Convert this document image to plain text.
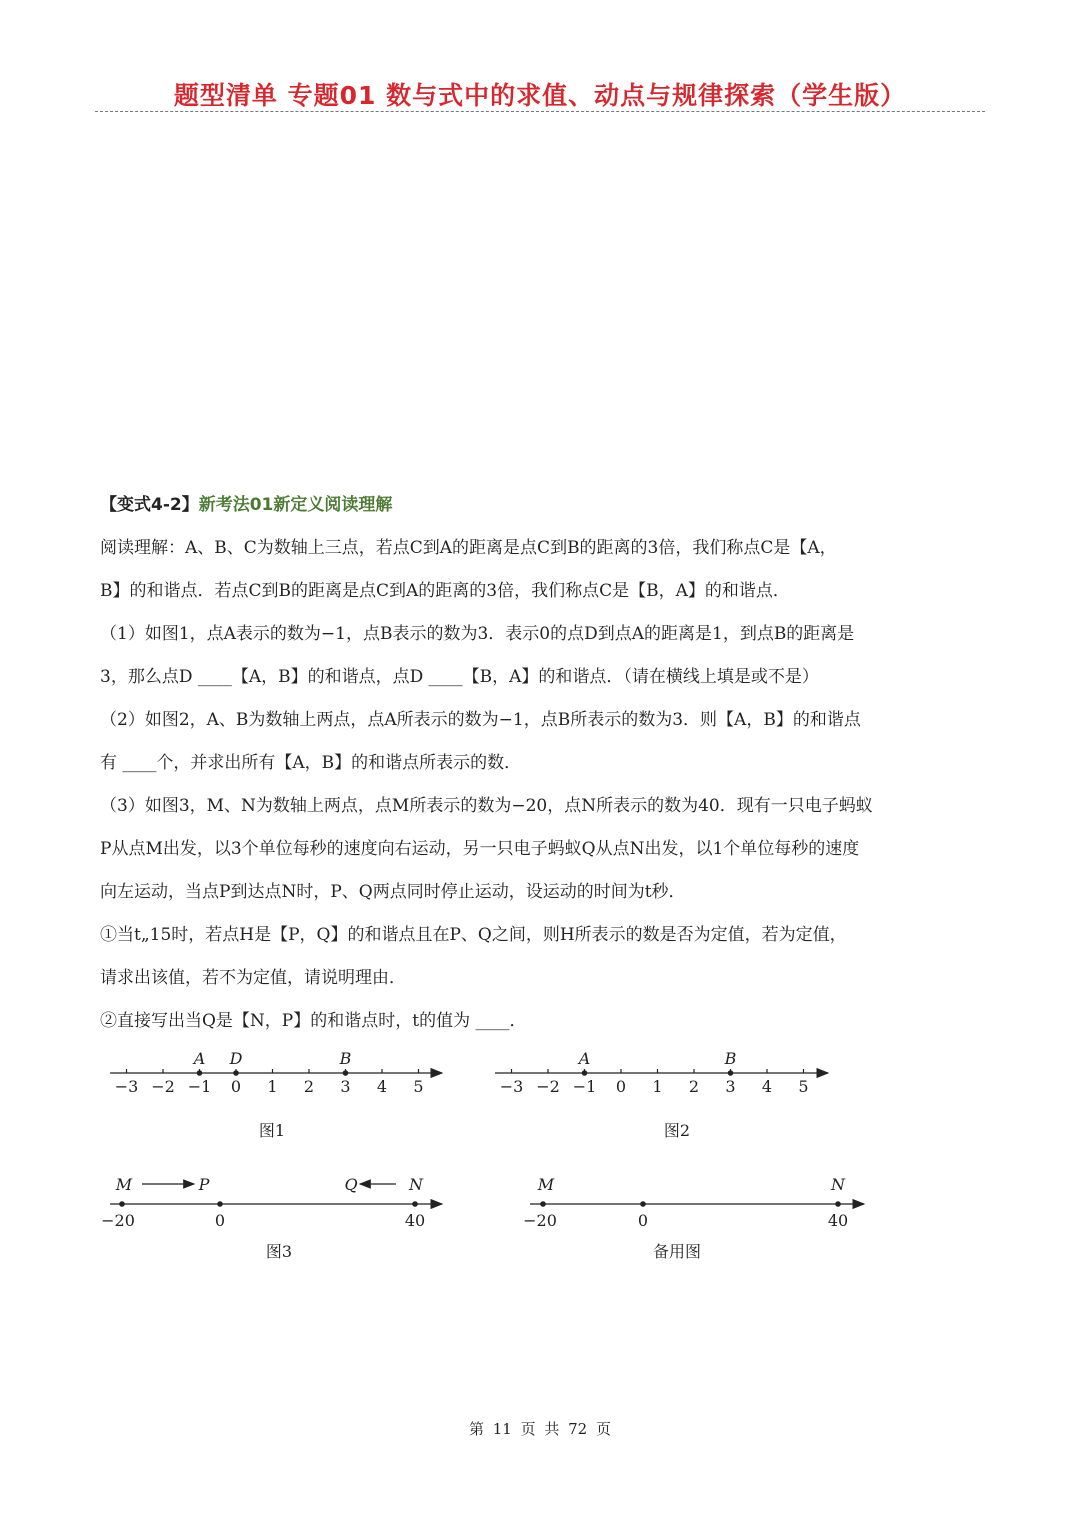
题型清单 专题01 数与式中的求值、动点与规律探索（学生版）

【变式4-2】新考法01新定义阅读理解

阅读理解：A、B、C为数轴上三点，若点C到A的距离是点C到B的距离的3倍，我们称点C是【A，

B】的和谐点．若点C到B的距离是点C到A的距离的3倍，我们称点C是【B，A】的和谐点．

（1）如图1，点A表示的数为−1，点B表示的数为3．表示0的点D到点A的距离是1，到点B的距离是

3，那么点D ____【A，B】的和谐点，点D ____【B，A】的和谐点．（请在横线上填是或不是）

（2）如图2，A、B为数轴上两点，点A所表示的数为−1，点B所表示的数为3．则【A，B】的和谐点

有 ____个，并求出所有【A，B】的和谐点所表示的数．

（3）如图3，M、N为数轴上两点，点M所表示的数为−20，点N所表示的数为40．现有一只电子蚂蚁

P从点M出发，以3个单位每秒的速度向右运动，另一只电子蚂蚁Q从点N出发，以1个单位每秒的速度

向左运动，当点P到达点N时，P、Q两点同时停止运动，设运动的时间为t秒．

①当t„15时，若点H是【P，Q】的和谐点且在P、Q之间，则H所表示的数是否为定值，若为定值，

请求出该值，若不为定值，请说明理由．

②直接写出当Q是【N，P】的和谐点时，t的值为 ____．

−3 −2 −1 0 1 2 3 4 5
A D	B
图1
−3 −2 −1 0 1 2 3 4 5
A	B
图2
M	P	Q	N
−20	0	40
图3
M	N
−20	0	40
备用图
第 11 页 共 72 页
